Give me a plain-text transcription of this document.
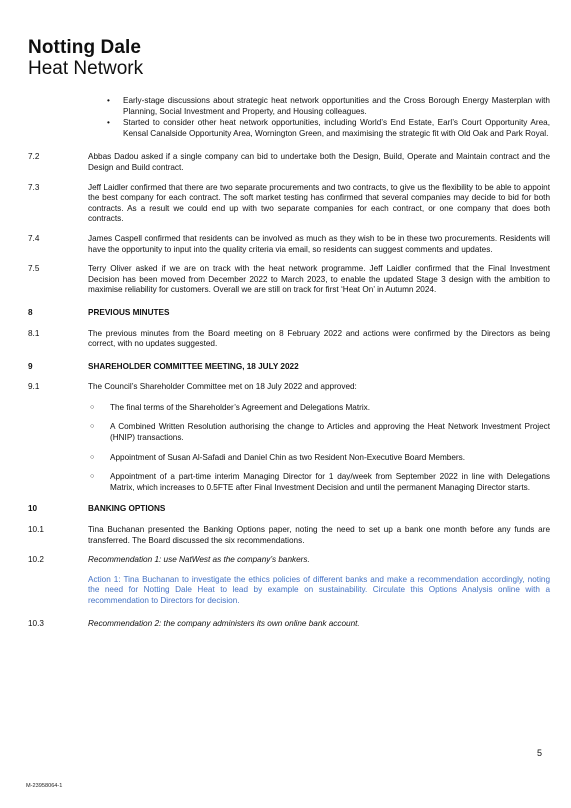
Notting Dale
Heat Network
• Early-stage discussions about strategic heat network opportunities and the Cross Borough Energy Masterplan with Planning, Social Investment and Property, and Housing colleagues.
• Started to consider other heat network opportunities, including World’s End Estate, Earl’s Court Opportunity Area, Kensal Canalside Opportunity Area, Wornington Green, and maximising the strategic fit with Old Oak and Park Royal.
7.2	Abbas Dadou asked if a single company can bid to undertake both the Design, Build, Operate and Maintain contract and the Design and Build contract.
7.3	Jeff Laidler confirmed that there are two separate procurements and two contracts, to give us the flexibility to be able to appoint the best company for each contract. The soft market testing has confirmed that several companies may decide to bid for both contracts. As a result we could end up with two separate companies for each contract, or one company that does both contracts.
7.4	James Caspell confirmed that residents can be involved as much as they wish to be in these two procurements. Residents will have the opportunity to input into the quality criteria via email, so residents can suggest comments and updates.
7.5	Terry Oliver asked if we are on track with the heat network programme. Jeff Laidler confirmed that the Final Investment Decision has been moved from December 2022 to March 2023, to enable the updated Stage 3 design with the ambition to maximise reliability for customers. Overall we are still on track for first ‘Heat On’ in Autumn 2024.
8	PREVIOUS MINUTES
8.1	The previous minutes from the Board meeting on 8 February 2022 and actions were confirmed by the Directors as being correct, with no updates suggested.
9	SHAREHOLDER COMMITTEE MEETING, 18 JULY 2022
9.1	The Council’s Shareholder Committee met on 18 July 2022 and approved:
○ The final terms of the Shareholder’s Agreement and Delegations Matrix.
○ A Combined Written Resolution authorising the change to Articles and approving the Heat Network Investment Project (HNIP) transactions.
○ Appointment of Susan Al-Safadi and Daniel Chin as two Resident Non-Executive Board Members.
○ Appointment of a part-time interim Managing Director for 1 day/week from September 2022 in line with Delegations Matrix, which increases to 0.5FTE after Final Investment Decision and until the permanent Managing Director starts.
10	BANKING OPTIONS
10.1	Tina Buchanan presented the Banking Options paper, noting the need to set up a bank one month before any funds are transferred. The Board discussed the six recommendations.
10.2	Recommendation 1: use NatWest as the company’s bankers.
Action 1: Tina Buchanan to investigate the ethics policies of different banks and make a recommendation accordingly, noting the need for Notting Dale Heat to lead by example on sustainability. Circulate this Options Analysis online with a recommendation to Directors for decision.
10.3	Recommendation 2: the company administers its own online bank account.
5
M-23958064-1
